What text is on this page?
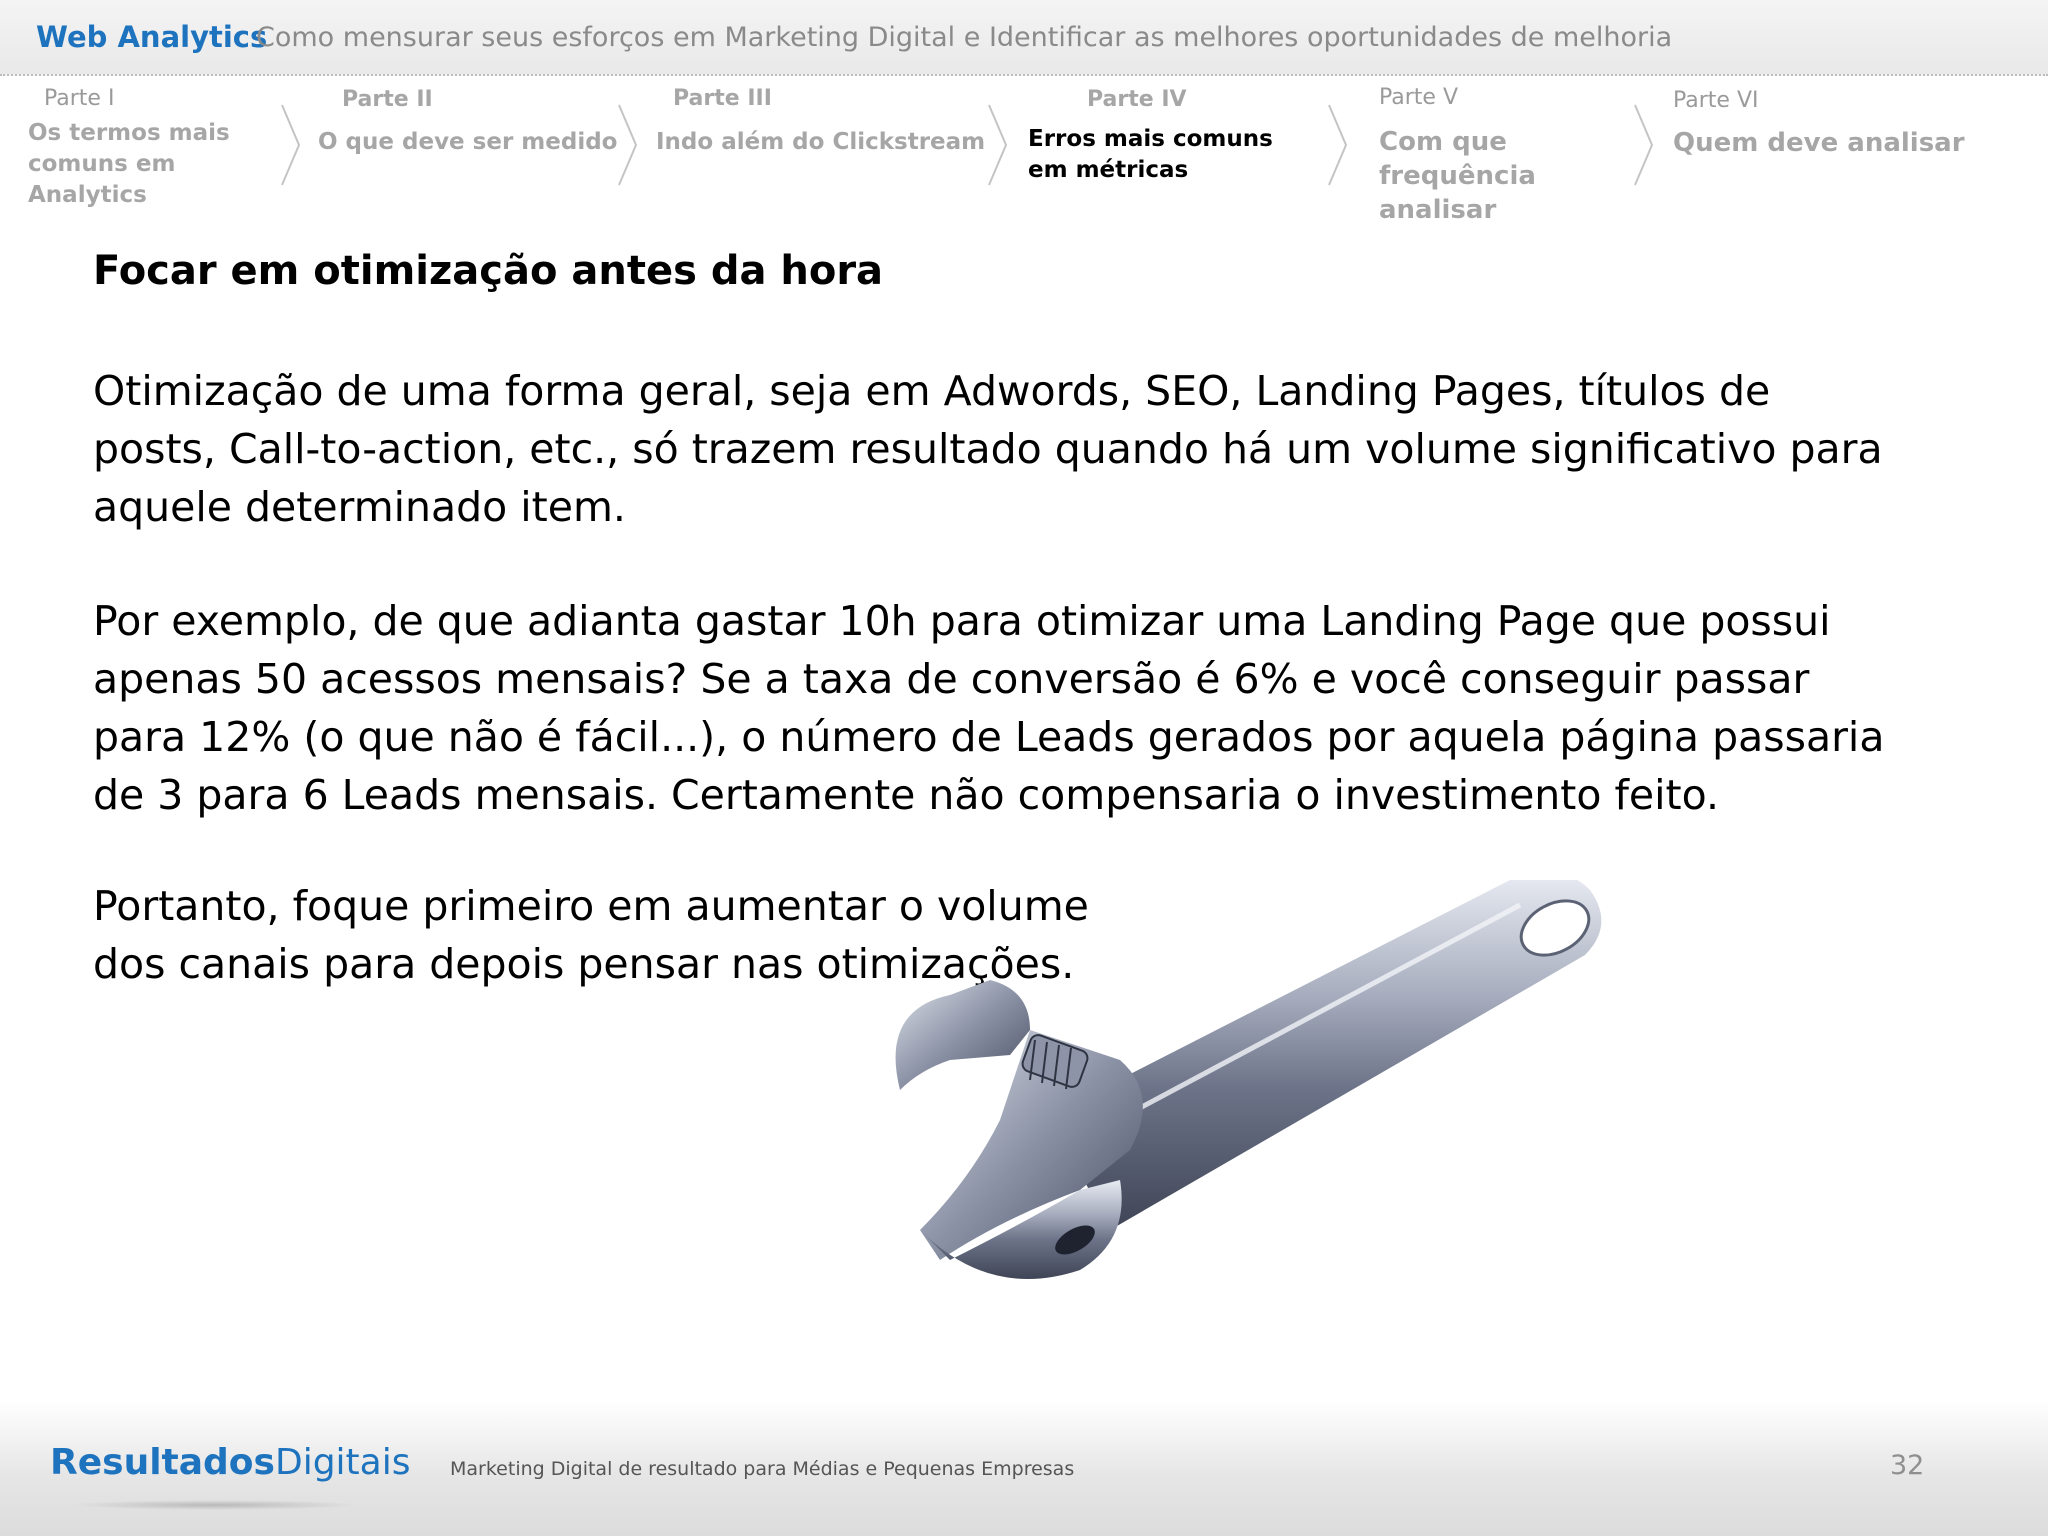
Web Analytics
Como mensurar seus esforços em Marketing Digital e Identificar as melhores oportunidades de melhoria
Parte I
Os termos mais comuns em Analytics
Parte II
O que deve ser medido
Parte III
Indo além do Clickstream
Parte IV
Erros mais comuns em métricas
Parte V
Com que frequência analisar
Parte VI
Quem deve analisar
Focar em otimização antes da hora
Otimização de uma forma geral, seja em Adwords, SEO, Landing Pages, títulos de posts, Call-to-action, etc., só trazem resultado quando há um volume significativo para aquele determinado item.
Por exemplo, de que adianta gastar 10h para otimizar uma Landing Page que possui apenas 50 acessos mensais? Se a taxa de conversão é 6% e você conseguir passar para 12% (o que não é fácil...), o número de Leads gerados por aquela página passaria de 3 para 6 Leads mensais. Certamente não compensaria o investimento feito.
Portanto, foque primeiro em aumentar o volume
dos canais para depois pensar nas otimizações.
ResultadosDigitais Marketing Digital de resultado para Médias e Pequenas Empresas	32
